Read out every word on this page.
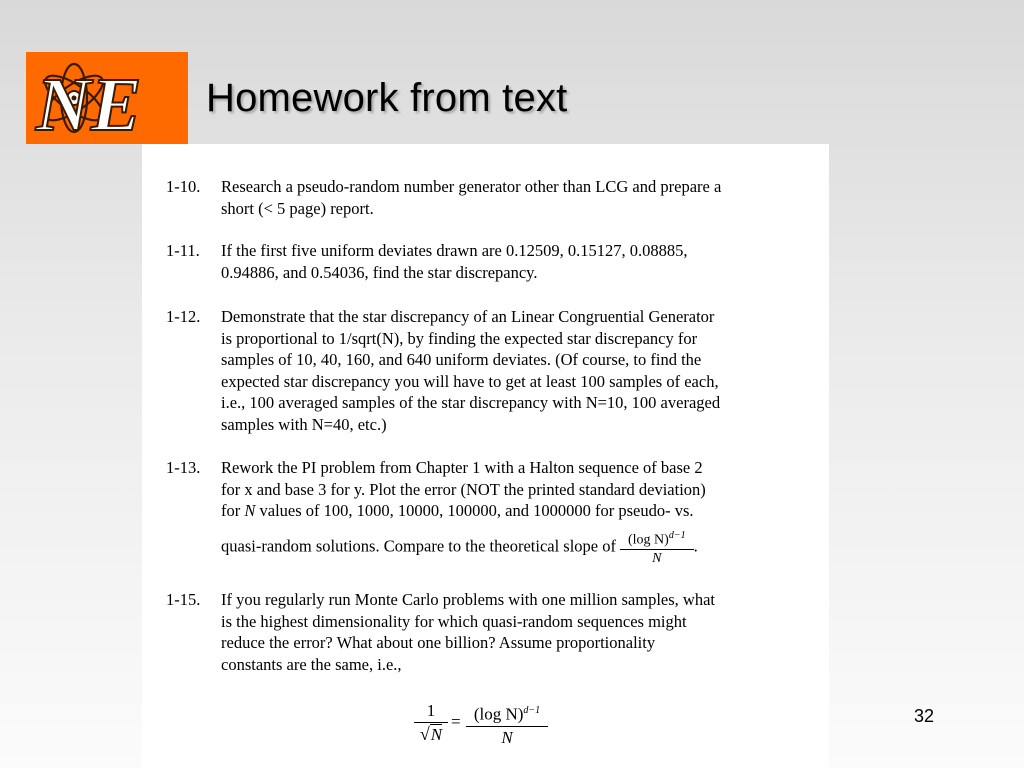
NE Homework from text
1-10. Research a pseudo-random number generator other than LCG and prepare a
short (< 5 page) report.
1-11. If the first five uniform deviates drawn are 0.12509, 0.15127, 0.08885,
0.94886, and 0.54036, find the star discrepancy.
1-12. Demonstrate that the star discrepancy of an Linear Congruential Generator
is proportional to 1/sqrt(N), by finding the expected star discrepancy for
samples of 10, 40, 160, and 640 uniform deviates. (Of course, to find the
expected star discrepancy you will have to get at least 100 samples of each,
i.e., 100 averaged samples of the star discrepancy with N=10, 100 averaged
samples with N=40, etc.)
1-13. Rework the PI problem from Chapter 1 with a Halton sequence of base 2
for x and base 3 for y. Plot the error (NOT the printed standard deviation)
for N values of 100, 1000, 10000, 100000, and 1000000 for pseudo- vs.
quasi-random solutions. Compare to the theoretical slope of $\frac{(\log N)^{d-1}}{N}$ .
1-15. If you regularly run Monte Carlo problems with one million samples, what
is the highest dimensionality for which quasi-random sequences might
reduce the error? What about one billion? Assume proportionality
constants are the same, i.e.,
$\frac{1}{√N} = \frac{(\log N)^{d-1}}{N}$	32
